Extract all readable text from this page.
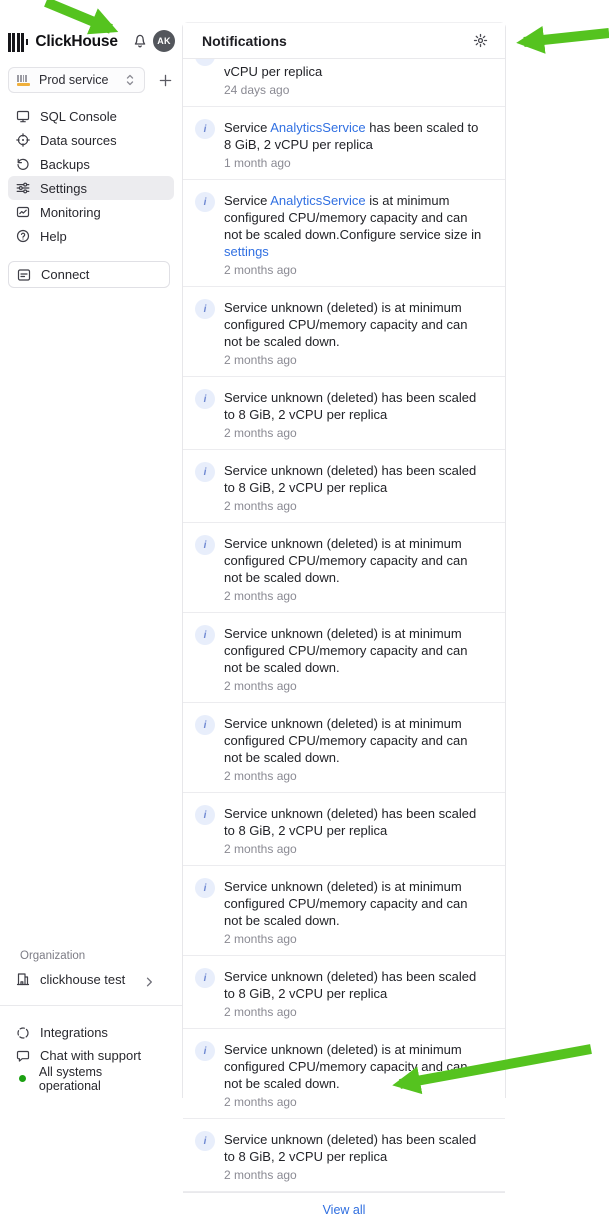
ClickHouse	AK
Prod service
SQL Console
Data sources
Backups
Settings
Monitoring
Help
Connect
Organization
clickhouse test
Integrations
Chat with support
All systems operational
Notifications
vCPU per replica
24 days ago
i	Service AnalyticsService has been scaled to 8 GiB, 2 vCPU per replica
1 month ago
i	Service AnalyticsService is at minimum configured CPU/memory capacity and can not be scaled down.Configure service size in settings
2 months ago
i	Service unknown (deleted) is at minimum configured CPU/memory capacity and can not be scaled down.
2 months ago
i	Service unknown (deleted) has been scaled to 8 GiB, 2 vCPU per replica
2 months ago
i	Service unknown (deleted) has been scaled to 8 GiB, 2 vCPU per replica
2 months ago
i	Service unknown (deleted) is at minimum configured CPU/memory capacity and can not be scaled down.
2 months ago
i	Service unknown (deleted) is at minimum configured CPU/memory capacity and can not be scaled down.
2 months ago
i	Service unknown (deleted) is at minimum configured CPU/memory capacity and can not be scaled down.
2 months ago
i	Service unknown (deleted) has been scaled to 8 GiB, 2 vCPU per replica
2 months ago
i	Service unknown (deleted) is at minimum configured CPU/memory capacity and can not be scaled down.
2 months ago
i	Service unknown (deleted) has been scaled to 8 GiB, 2 vCPU per replica
2 months ago
i	Service unknown (deleted) is at minimum configured CPU/memory capacity and can not be scaled down.
2 months ago
i	Service unknown (deleted) has been scaled to 8 GiB, 2 vCPU per replica
2 months ago
View all
